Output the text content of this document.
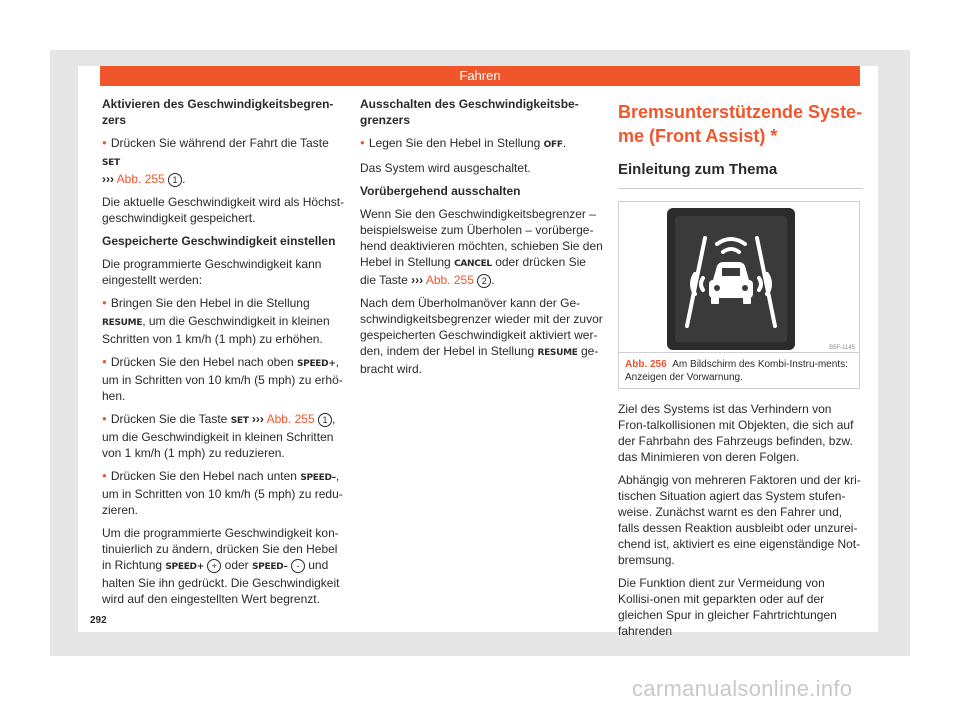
Fahren

Aktivieren des Geschwindigkeitsbegren-zers

● Drücken Sie während der Fahrt die Taste SET
››› Abb. 255 1 .

Die aktuelle Geschwindigkeit wird als Höchst-geschwindigkeit gespeichert.

Gespeicherte Geschwindigkeit einstellen

Die programmierte Geschwindigkeit kann eingestellt werden:

● Bringen Sie den Hebel in die Stellung RESUME, um die Geschwindigkeit in kleinen Schritten von 1 km/h (1 mph) zu erhöhen.

● Drücken Sie den Hebel nach oben SPEED+, um in Schritten von 10 km/h (5 mph) zu erhö-hen.

● Drücken Sie die Taste SET ››› Abb. 255 1 , um die Geschwindigkeit in kleinen Schritten von 1 km/h (1 mph) zu reduzieren.

● Drücken Sie den Hebel nach unten SPEED–, um in Schritten von 10 km/h (5 mph) zu redu-zieren.

Um die programmierte Geschwindigkeit kon-tinuierlich zu ändern, drücken Sie den Hebel in Richtung SPEED+ + oder SPEED– - und halten Sie ihn gedrückt. Die Geschwindigkeit wird auf den eingestellten Wert begrenzt.

Ausschalten des Geschwindigkeitsbe-grenzers

● Legen Sie den Hebel in Stellung OFF.

Das System wird ausgeschaltet.

Vorübergehend ausschalten

Wenn Sie den Geschwindigkeitsbegrenzer – beispielsweise zum Überholen – vorüberge-hend deaktivieren möchten, schieben Sie den Hebel in Stellung CANCEL oder drücken Sie die Taste ››› Abb. 255 2 .

Nach dem Überholmanöver kann der Ge-schwindigkeitsbegrenzer wieder mit der zuvor gespeicherten Geschwindigkeit aktiviert wer-den, indem der Hebel in Stellung RESUME ge-bracht wird.

Bremsunterstützende Syste-me (Front Assist) *
Einleitung zum Thema
B5F-1145
Abb. 256 Am Bildschirm des Kombi-Instru-ments: Anzeigen der Vorwarnung.

Ziel des Systems ist das Verhindern von Fron-talkollisionen mit Objekten, die sich auf der Fahrbahn des Fahrzeugs befinden, bzw. das Minimieren von deren Folgen.

Abhängig von mehreren Faktoren und der kri-tischen Situation agiert das System stufen-weise. Zunächst warnt es den Fahrer und, falls dessen Reaktion ausbleibt oder unzurei-chend ist, aktiviert es eine eigenständige Not-bremsung.

Die Funktion dient zur Vermeidung von Kollisi-onen mit geparkten oder auf der gleichen Spur in gleicher Fahrtrichtungen fahrenden

292
carmanualsonline.info
